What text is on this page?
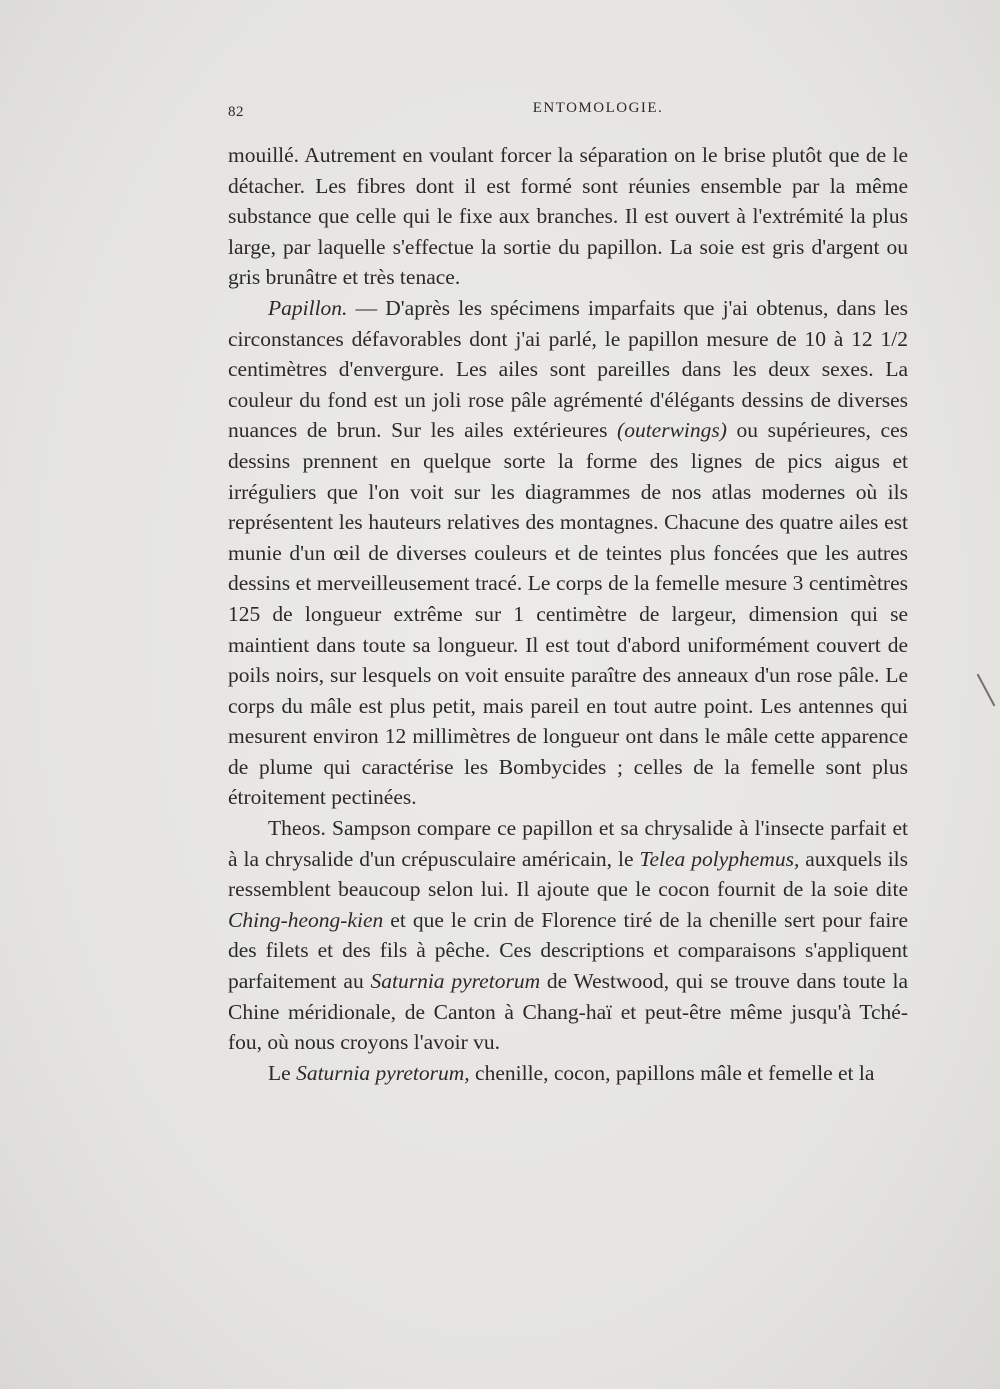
82	ENTOMOLOGIE.

mouillé. Autrement en voulant forcer la séparation on le brise plutôt que de le détacher. Les fibres dont il est formé sont réunies ensemble par la même substance que celle qui le fixe aux branches. Il est ouvert à l'extrémité la plus large, par laquelle s'effectue la sortie du papillon. La soie est gris d'argent ou gris brunâtre et très tenace.

Papillon. — D'après les spécimens imparfaits que j'ai obtenus, dans les circonstances défavorables dont j'ai parlé, le papillon mesure de 10 à 12 1/2 centimètres d'envergure. Les ailes sont pareilles dans les deux sexes. La couleur du fond est un joli rose pâle agrémenté d'élégants dessins de diverses nuances de brun. Sur les ailes extérieures (outerwings) ou supérieures, ces dessins prennent en quelque sorte la forme des lignes de pics aigus et irréguliers que l'on voit sur les diagrammes de nos atlas modernes où ils représentent les hauteurs relatives des montagnes. Chacune des quatre ailes est munie d'un œil de diverses couleurs et de teintes plus foncées que les autres dessins et merveilleusement tracé. Le corps de la femelle mesure 3 centimètres 125 de longueur extrême sur 1 centimètre de largeur, dimension qui se maintient dans toute sa longueur. Il est tout d'abord uniformément couvert de poils noirs, sur lesquels on voit ensuite paraître des anneaux d'un rose pâle. Le corps du mâle est plus petit, mais pareil en tout autre point. Les antennes qui mesurent environ 12 millimètres de longueur ont dans le mâle cette apparence de plume qui caractérise les Bombycides ; celles de la femelle sont plus étroitement pectinées.

Theos. Sampson compare ce papillon et sa chrysalide à l'insecte parfait et à la chrysalide d'un crépusculaire américain, le Telea polyphemus, auxquels ils ressemblent beaucoup selon lui. Il ajoute que le cocon fournit de la soie dite Ching-heong-kien et que le crin de Florence tiré de la chenille sert pour faire des filets et des fils à pêche. Ces descriptions et comparaisons s'appliquent parfaitement au Saturnia pyretorum de Westwood, qui se trouve dans toute la Chine méridionale, de Canton à Chang-haï et peut-être même jusqu'à Tché-fou, où nous croyons l'avoir vu.

Le Saturnia pyretorum, chenille, cocon, papillons mâle et femelle et la
